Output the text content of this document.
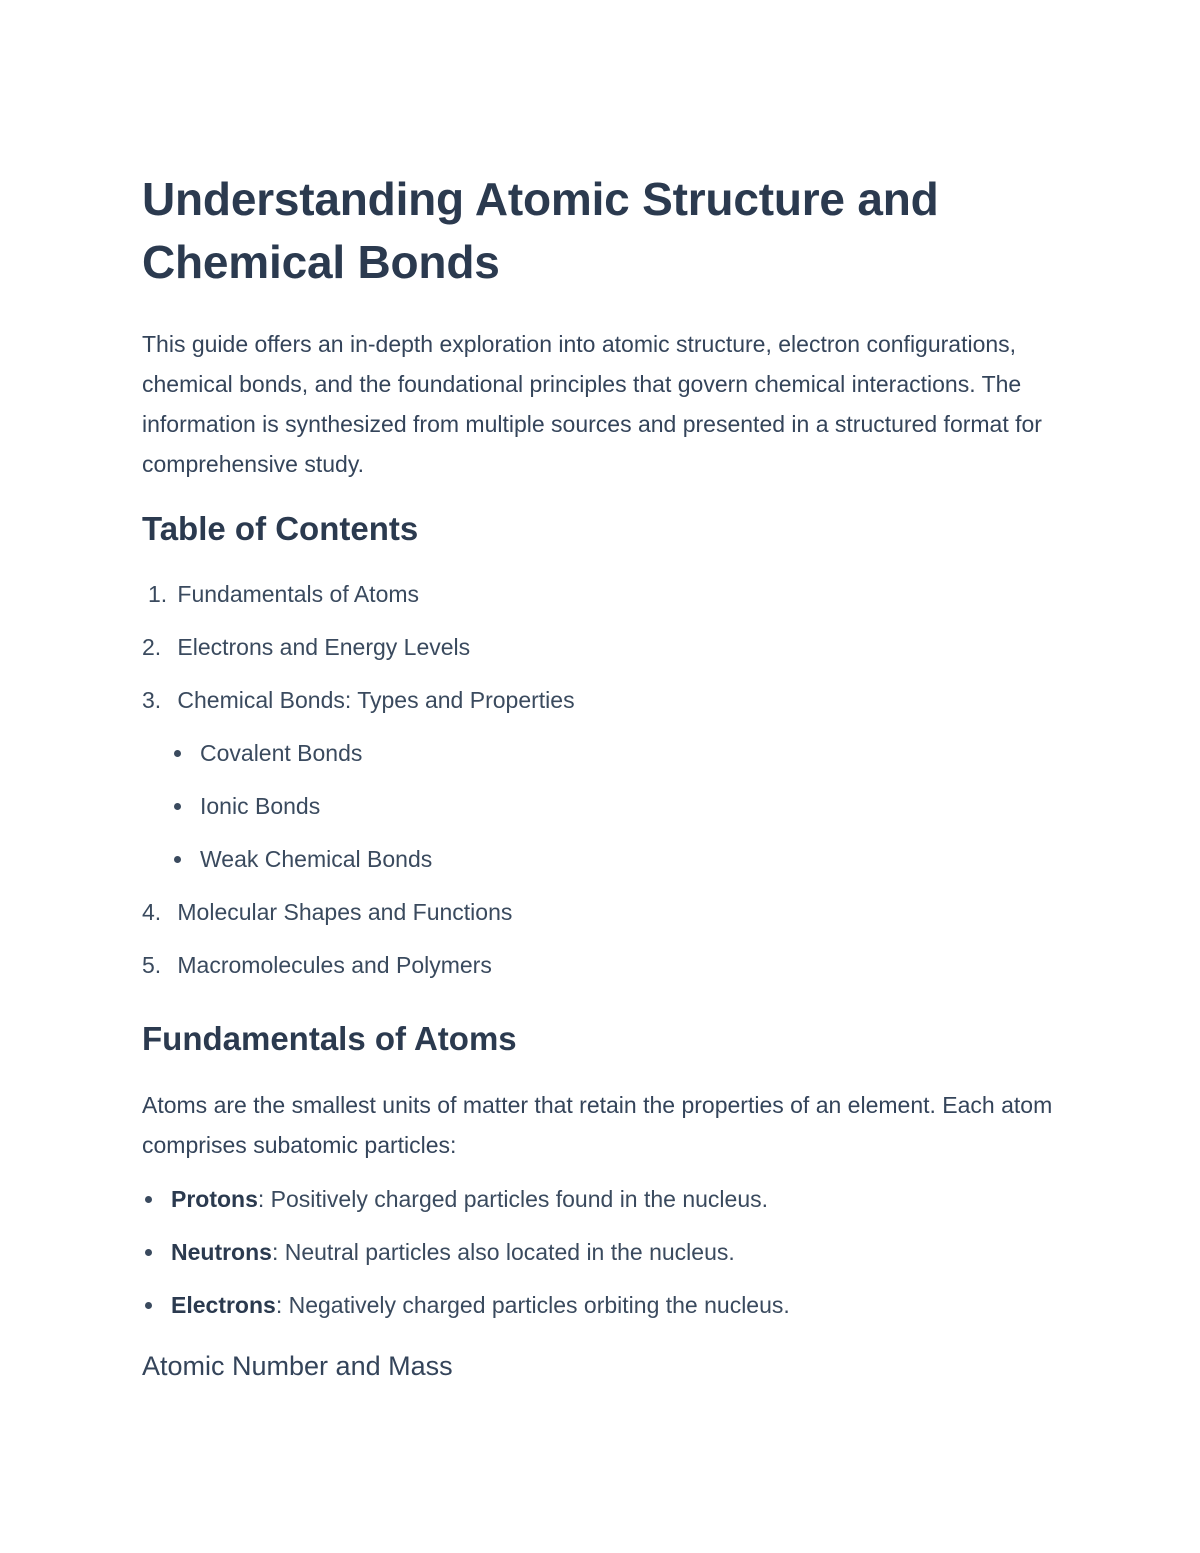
Understanding Atomic Structure and Chemical Bonds

This guide offers an in-depth exploration into atomic structure, electron configurations, chemical bonds, and the foundational principles that govern chemical interactions. The information is synthesized from multiple sources and presented in a structured format for comprehensive study.

Table of Contents
1. Fundamentals of Atoms
2. Electrons and Energy Levels
3. Chemical Bonds: Types and Properties
Covalent Bonds
Ionic Bonds
Weak Chemical Bonds
4. Molecular Shapes and Functions
5. Macromolecules and Polymers
Fundamentals of Atoms

Atoms are the smallest units of matter that retain the properties of an element. Each atom comprises subatomic particles:

Protons: Positively charged particles found in the nucleus.
Neutrons: Neutral particles also located in the nucleus.
Electrons: Negatively charged particles orbiting the nucleus.
Atomic Number and Mass
